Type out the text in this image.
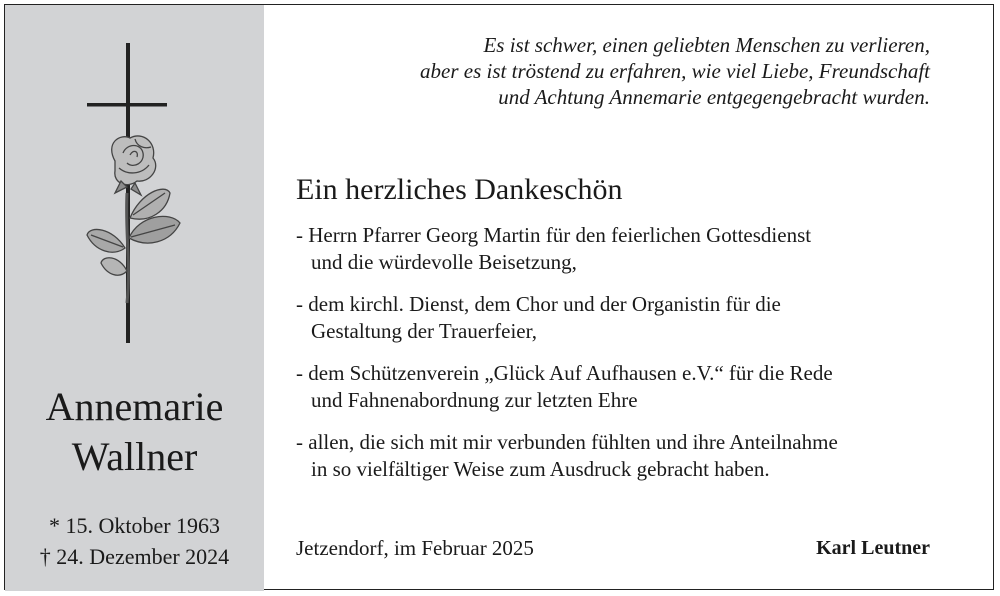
Annemarie
Wallner
* 15. Oktober 1963
† 24. Dezember 2024
Es ist schwer, einen geliebten Menschen zu verlieren,
aber es ist tröstend zu erfahren, wie viel Liebe, Freundschaft
und Achtung Annemarie entgegengebracht wurden.
Ein herzliches Dankeschön
- Herrn Pfarrer Georg Martin für den feierlichen Gottesdienst
und die würdevolle Beisetzung,
- dem kirchl. Dienst, dem Chor und der Organistin für die
Gestaltung der Trauerfeier,
- dem Schützenverein „Glück Auf Aufhausen e.V.“ für die Rede
und Fahnenabordnung zur letzten Ehre
- allen, die sich mit mir verbunden fühlten und ihre Anteilnahme
in so vielfältiger Weise zum Ausdruck gebracht haben.
Jetzendorf, im Februar 2025	Karl Leutner
